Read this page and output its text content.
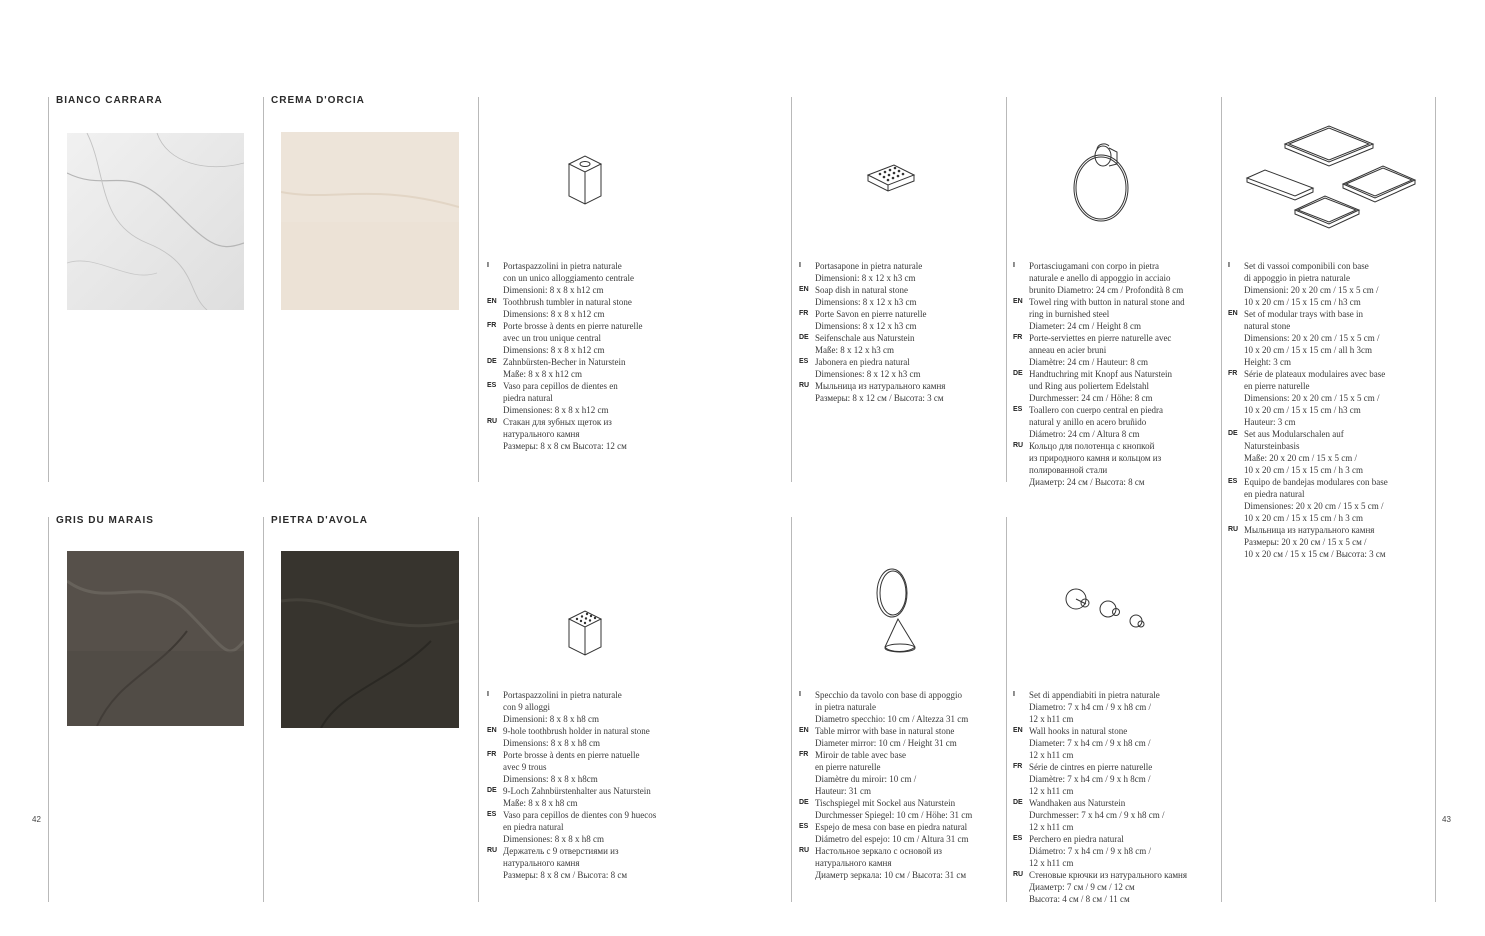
BIANCO CARRARA	CREMA D'ORCIA
GRIS DU MARAIS	PIETRA D'AVOLA
I	Portaspazzolini in pietra naturale
con un unico alloggiamento centrale
Dimensioni: 8 x 8 x h12 cm
EN Toothbrush tumbler in natural stone
Dimensions: 8 x 8 x h12 cm
FR Porte brosse à dents en pierre naturelle
avec un trou unique central
Dimensions: 8 x 8 x h12 cm
DE Zahnbürsten-Becher in Naturstein
Maße: 8 x 8 x h12 cm
ES Vaso para cepillos de dientes en
piedra natural
Dimensiones: 8 x 8 x h12 cm
RU Стакан для зубных щеток из
натурального камня
Размеры: 8 x 8 см Высота: 12 см
I	Portasapone in pietra naturale
Dimensioni: 8 x 12 x h3 cm
EN Soap dish in natural stone
Dimensions: 8 x 12 x h3 cm
FR Porte Savon en pierre naturelle
Dimensions: 8 x 12 x h3 cm
DE Seifenschale aus Naturstein
Maße: 8 x 12 x h3 cm
ES Jabonera en piedra natural
Dimensiones: 8 x 12 x h3 cm
RU Мыльница из натурального камня
Размеры: 8 x 12 см / Высота: 3 см
I	Portasciugamani con corpo in pietra
naturale e anello di appoggio in acciaio
brunito Diametro: 24 cm / Profondità 8 cm
EN Towel ring with button in natural stone and
ring in burnished steel
Diameter: 24 cm / Height 8 cm
FR Porte-serviettes en pierre naturelle avec
anneau en acier bruni
Diamètre: 24 cm / Hauteur: 8 cm
DE Handtuchring mit Knopf aus Naturstein
und Ring aus poliertem Edelstahl
Durchmesser: 24 cm / Höhe: 8 cm
ES Toallero con cuerpo central en piedra
natural y anillo en acero bruñido
Diámetro: 24 cm / Altura 8 cm
RU Кольцо для полотенца с кнопкой
из природного камня и кольцом из
полированной стали
Диаметр: 24 см / Высота: 8 см
I	Set di vassoi componibili con base
di appoggio in pietra naturale
Dimensioni: 20 x 20 cm / 15 x 5 cm /
10 x 20 cm / 15 x 15 cm / h3 cm
EN Set of modular trays with base in
natural stone
Dimensions: 20 x 20 cm / 15 x 5 cm /
10 x 20 cm / 15 x 15 cm / all h 3cm
Height: 3 cm
FR Série de plateaux modulaires avec base
en pierre naturelle
Dimensions: 20 x 20 cm / 15 x 5 cm /
10 x 20 cm / 15 x 15 cm / h3 cm
Hauteur: 3 cm
DE Set aus Modularschalen auf
Natursteinbasis
Maße: 20 x 20 cm / 15 x 5 cm /
10 x 20 cm / 15 x 15 cm / h 3 cm
ES Equipo de bandejas modulares con base
en piedra natural
Dimensiones: 20 x 20 cm / 15 x 5 cm /
10 x 20 cm / 15 x 15 cm / h 3 cm
RU Мыльница из натурального камня
Размеры: 20 x 20 см / 15 x 5 см /
10 x 20 см / 15 x 15 см / Высота: 3 см
I	Portaspazzolini in pietra naturale
con 9 alloggi
Dimensioni: 8 x 8 x h8 cm
EN 9-hole toothbrush holder in natural stone
Dimensions: 8 x 8 x h8 cm
FR Porte brosse à dents en pierre natuelle
avec 9 trous
Dimensions: 8 x 8 x h8cm
DE 9-Loch Zahnbürstenhalter aus Naturstein
Maße: 8 x 8 x h8 cm
ES Vaso para cepillos de dientes con 9 huecos
en piedra natural
Dimensiones: 8 x 8 x h8 cm
RU Держатель с 9 отверстиями из
натурального камня
Размеры: 8 x 8 см / Высота: 8 см
I	Specchio da tavolo con base di appoggio
in pietra naturale
Diametro specchio: 10 cm / Altezza 31 cm
EN Table mirror with base in natural stone
Diameter mirror: 10 cm / Height 31 cm
FR Miroir de table avec base
en pierre naturelle
Diamètre du miroir: 10 cm /
Hauteur: 31 cm
DE Tischspiegel mit Sockel aus Naturstein
Durchmesser Spiegel: 10 cm / Höhe: 31 cm
ES Espejo de mesa con base en piedra natural
Diámetro del espejo: 10 cm / Altura 31 cm
RU Настольное зеркало с основой из
натурального камня
Диаметр зеркала: 10 см / Высота: 31 см
I	Set di appendiabiti in pietra naturale
Diametro: 7 x h4 cm / 9 x h8 cm /
12 x h11 cm
EN Wall hooks in natural stone
Diameter: 7 x h4 cm / 9 x h8 cm /
12 x h11 cm
FR Série de cintres en pierre naturelle
Diamètre: 7 x h4 cm / 9 x h 8cm /
12 x h11 cm
DE Wandhaken aus Naturstein
Durchmesser: 7 x h4 cm / 9 x h8 cm /
12 x h11 cm
ES Perchero en piedra natural
Diámetro: 7 x h4 cm / 9 x h8 cm /
12 x h11 cm
RU Стеновые крючки из натурального камня
Диаметр: 7 см / 9 см / 12 см
Высота: 4 см / 8 см / 11 см
42	43
